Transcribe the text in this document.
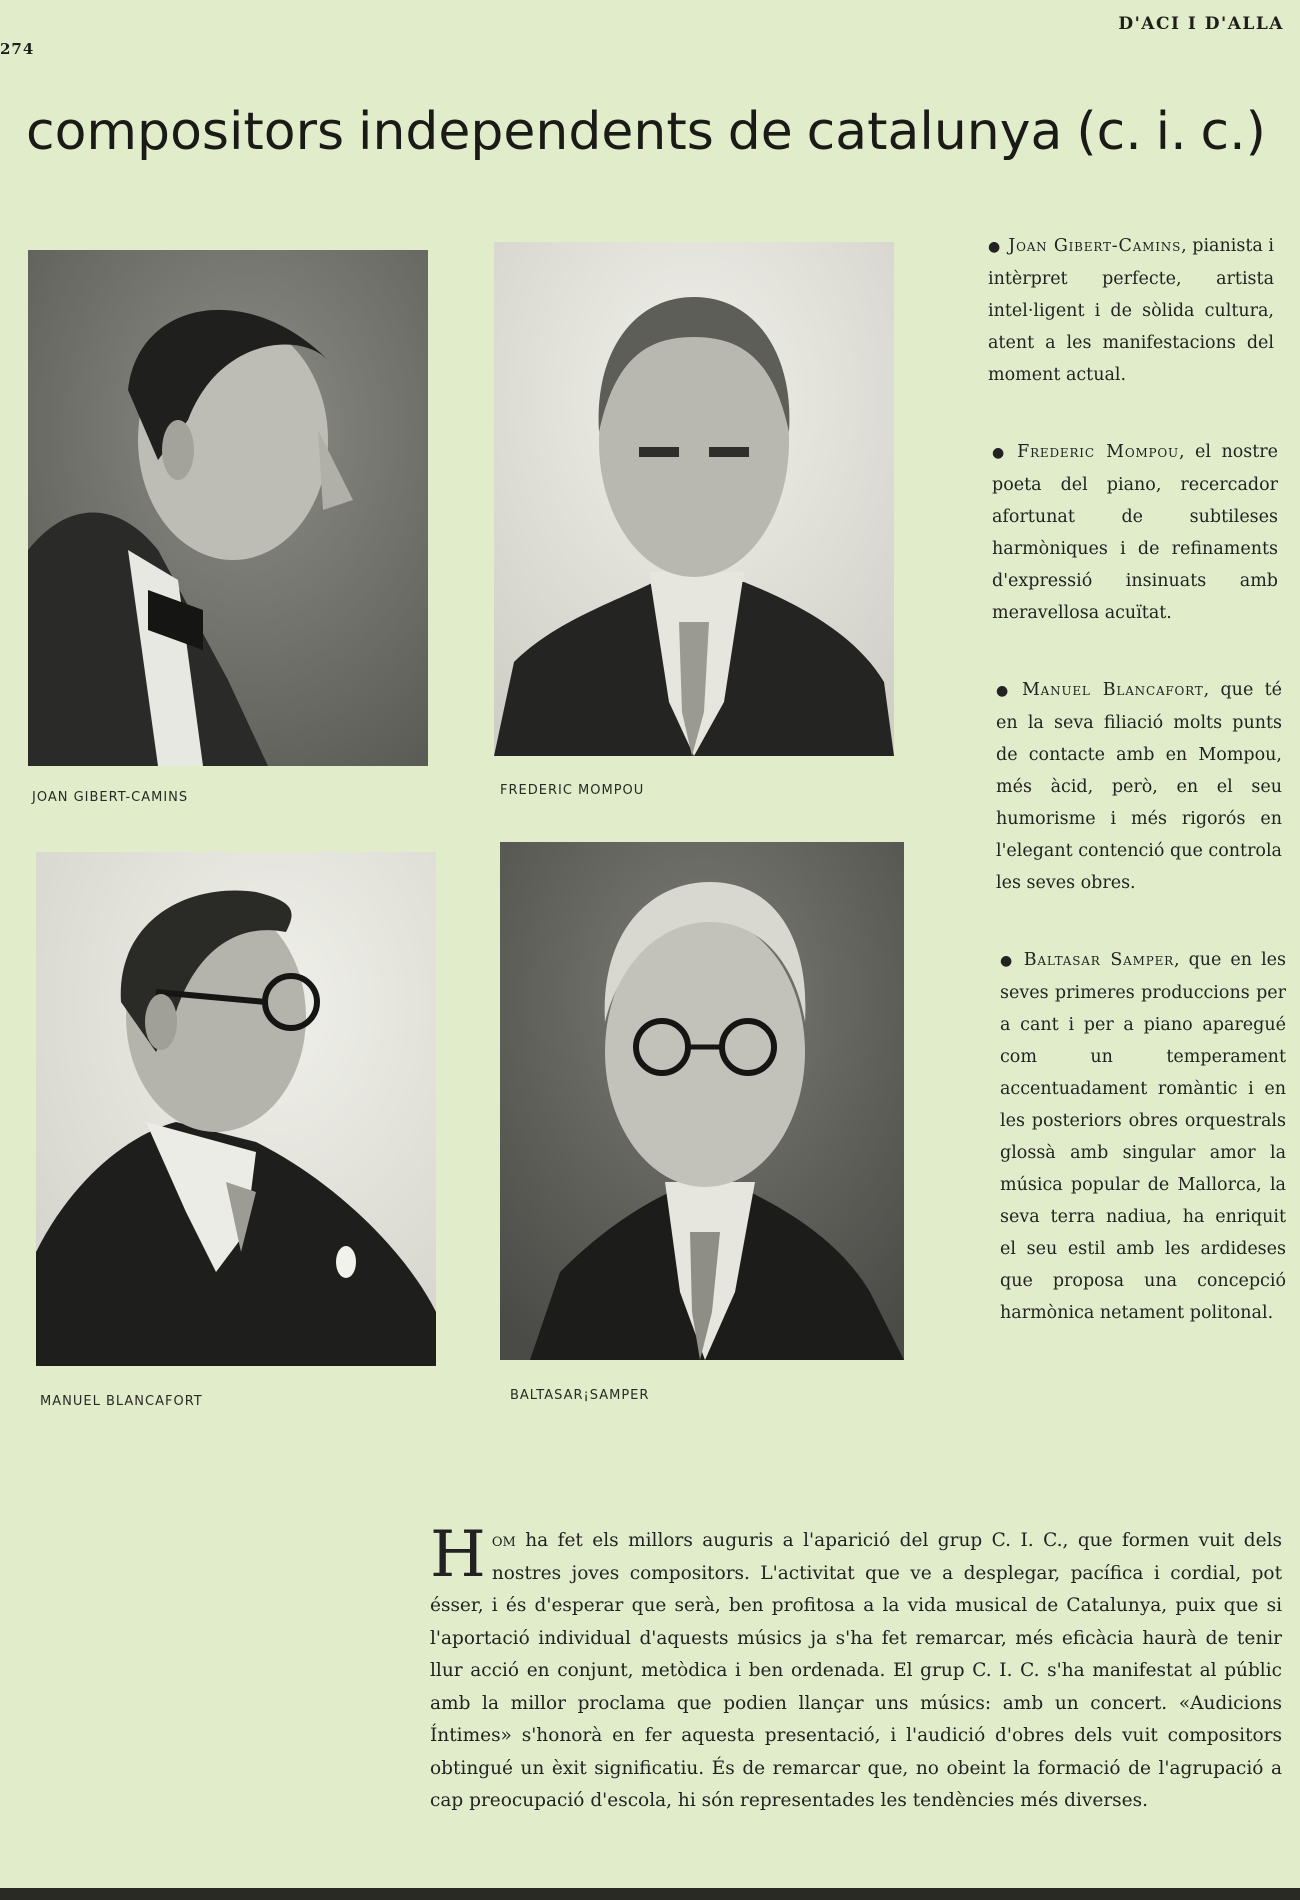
274
D'ACI I D'ALLA
compositors independents de catalunya (c. i. c.)
JOAN GIBERT-CAMINS	FREDERIC MOMPOU
MANUEL BLANCAFORT	BALTASAR¡SAMPER
● Joan Gibert-Camins, pianista i intèrpret perfecte, artista intel·ligent i de sòlida cultura, atent a les manifestacions del moment actual.
● Frederic Mompou, el nostre poeta del piano, recercador afortunat de subtileses harmòniques i de refinaments d'expressió insinuats amb meravellosa acuïtat.
● Manuel Blancafort, que té en la seva filiació molts punts de contacte amb en Mompou, més àcid, però, en el seu humorisme i més rigorós en l'elegant contenció que controla les seves obres.
● Baltasar Samper, que en les seves primeres produccions per a cant i per a piano aparegué com un temperament accentuadament romàntic i en les posteriors obres orquestrals glossà amb singular amor la música popular de Mallorca, la seva terra nadiua, ha enriquit el seu estil amb les ardideses que proposa una concepció harmònica netament politonal.
Hom ha fet els millors auguris a l'aparició del grup C. I. C., que formen vuit dels nostres joves compositors. L'activitat que ve a desplegar, pacífica i cordial, pot ésser, i és d'esperar que serà, ben profitosa a la vida musical de Catalunya, puix que si l'aportació individual d'aquests músics ja s'ha fet remarcar, més eficàcia haurà de tenir llur acció en conjunt, metòdica i ben ordenada. El grup C. I. C. s'ha manifestat al públic amb la millor proclama que podien llançar uns músics: amb un concert. «Audicions Íntimes» s'honorà en fer aquesta presentació, i l'audició d'obres dels vuit compositors obtingué un èxit significatiu. És de remarcar que, no obeint la formació de l'agrupació a cap preocupació d'escola, hi són representades les tendències més diverses.
